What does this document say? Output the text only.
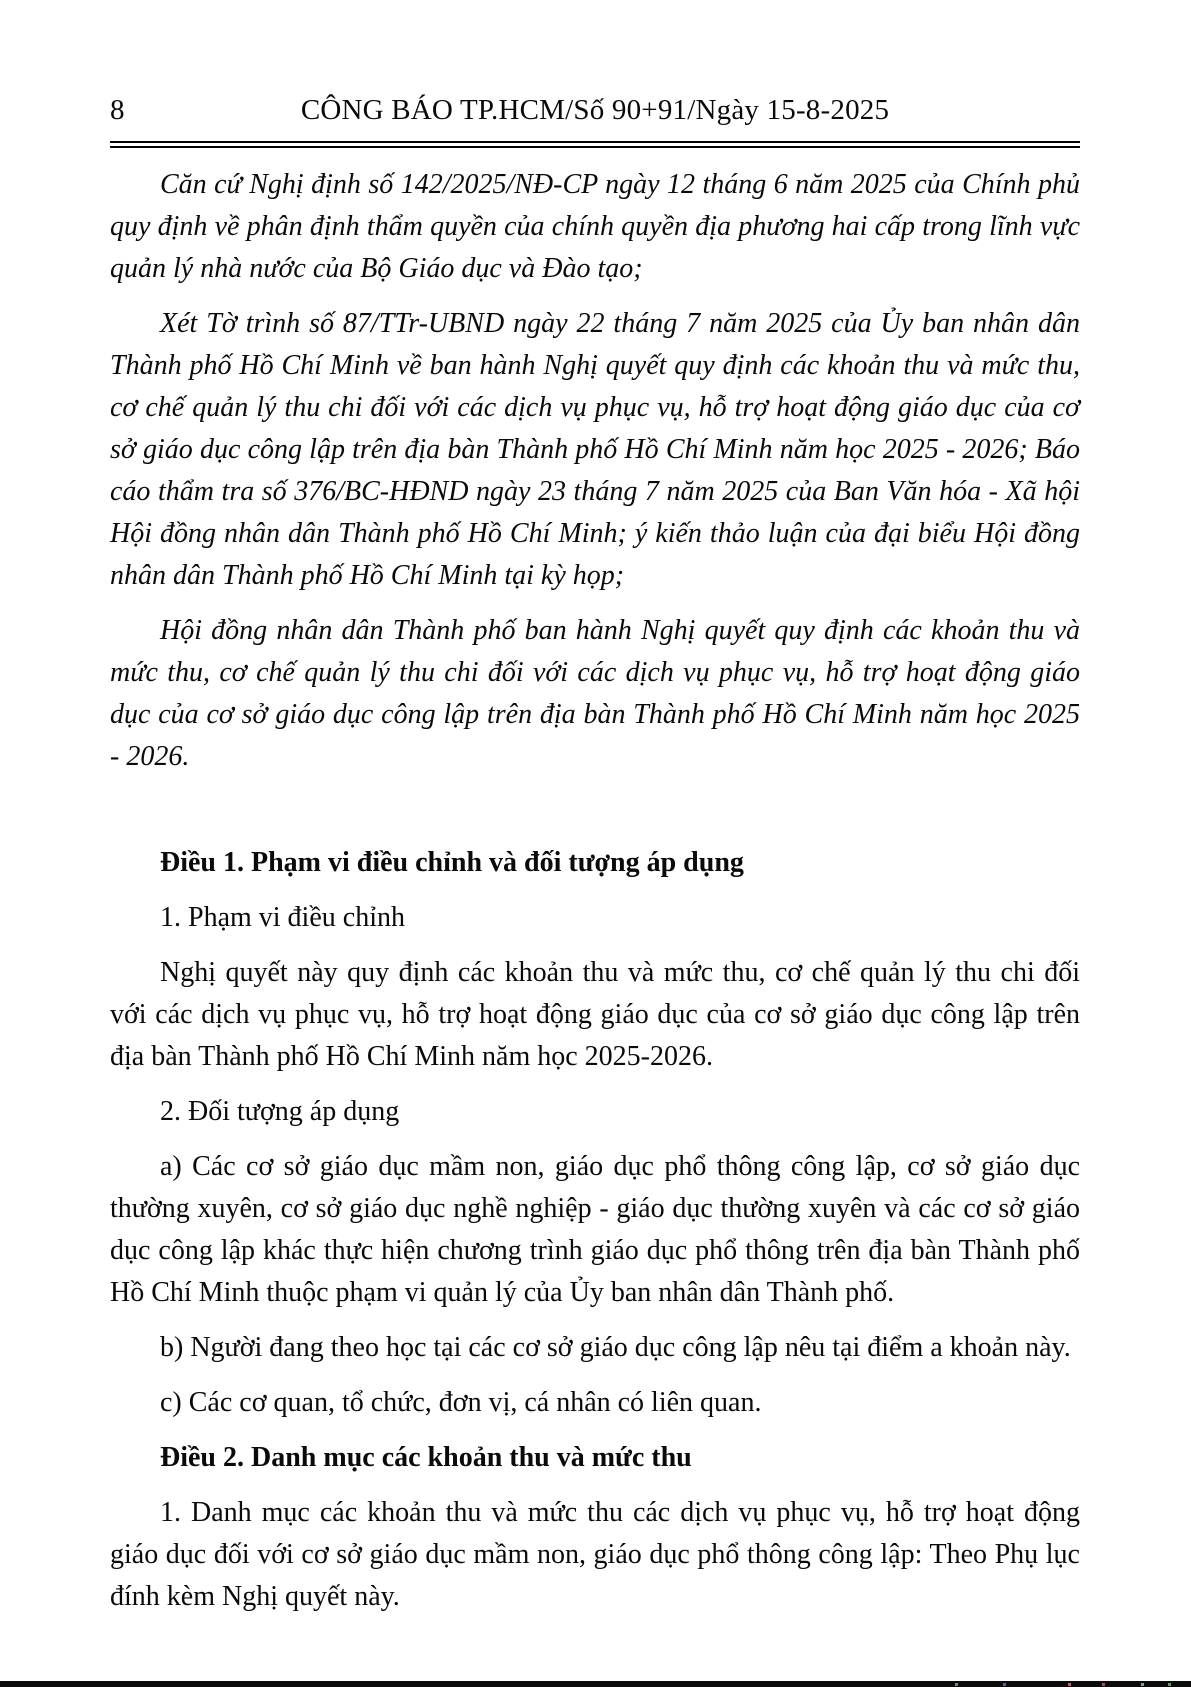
8	CÔNG BÁO TP.HCM/Số 90+91/Ngày 15-8-2025

Căn cứ Nghị định số 142/2025/NĐ-CP ngày 12 tháng 6 năm 2025 của Chính phủ quy định về phân định thẩm quyền của chính quyền địa phương hai cấp trong lĩnh vực quản lý nhà nước của Bộ Giáo dục và Đào tạo;

Xét Tờ trình số 87/TTr-UBND ngày 22 tháng 7 năm 2025 của Ủy ban nhân dân Thành phố Hồ Chí Minh về ban hành Nghị quyết quy định các khoản thu và mức thu, cơ chế quản lý thu chi đối với các dịch vụ phục vụ, hỗ trợ hoạt động giáo dục của cơ sở giáo dục công lập trên địa bàn Thành phố Hồ Chí Minh năm học 2025 - 2026; Báo cáo thẩm tra số 376/BC-HĐND ngày 23 tháng 7 năm 2025 của Ban Văn hóa - Xã hội Hội đồng nhân dân Thành phố Hồ Chí Minh; ý kiến thảo luận của đại biểu Hội đồng nhân dân Thành phố Hồ Chí Minh tại kỳ họp;

Hội đồng nhân dân Thành phố ban hành Nghị quyết quy định các khoản thu và mức thu, cơ chế quản lý thu chi đối với các dịch vụ phục vụ, hỗ trợ hoạt động giáo dục của cơ sở giáo dục công lập trên địa bàn Thành phố Hồ Chí Minh năm học 2025 - 2026.

Điều 1. Phạm vi điều chỉnh và đối tượng áp dụng

1. Phạm vi điều chỉnh

Nghị quyết này quy định các khoản thu và mức thu, cơ chế quản lý thu chi đối với các dịch vụ phục vụ, hỗ trợ hoạt động giáo dục của cơ sở giáo dục công lập trên địa bàn Thành phố Hồ Chí Minh năm học 2025-2026.

2. Đối tượng áp dụng

a) Các cơ sở giáo dục mầm non, giáo dục phổ thông công lập, cơ sở giáo dục thường xuyên, cơ sở giáo dục nghề nghiệp - giáo dục thường xuyên và các cơ sở giáo dục công lập khác thực hiện chương trình giáo dục phổ thông trên địa bàn Thành phố Hồ Chí Minh thuộc phạm vi quản lý của Ủy ban nhân dân Thành phố.

b) Người đang theo học tại các cơ sở giáo dục công lập nêu tại điểm a khoản này.

c) Các cơ quan, tổ chức, đơn vị, cá nhân có liên quan.

Điều 2. Danh mục các khoản thu và mức thu

1. Danh mục các khoản thu và mức thu các dịch vụ phục vụ, hỗ trợ hoạt động giáo dục đối với cơ sở giáo dục mầm non, giáo dục phổ thông công lập: Theo Phụ lục đính kèm Nghị quyết này.
